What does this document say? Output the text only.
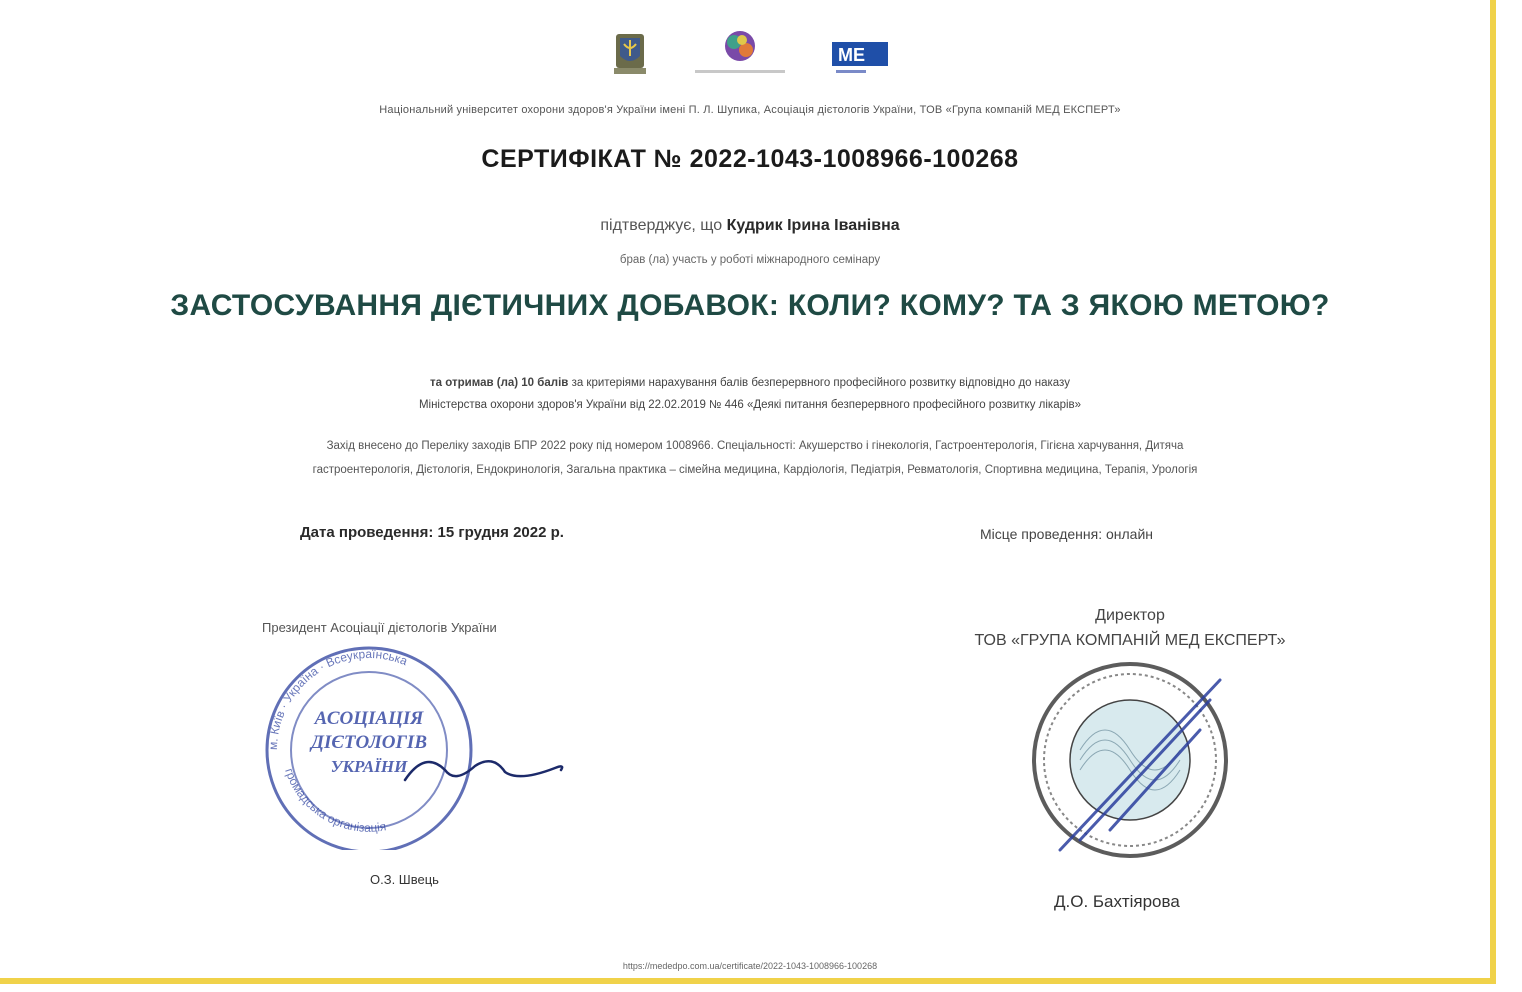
ME
Національний університет охорони здоров'я України імені П. Л. Шупика, Асоціація дієтологів України, ТОВ «Група компаній МЕД ЕКСПЕРТ»
СЕРТИФІКАТ № 2022-1043-1008966-100268
підтверджує, що Кудрик Ірина Іванівна
брав (ла) участь у роботі міжнародного семінару
ЗАСТОСУВАННЯ ДІЄТИЧНИХ ДОБАВОК: КОЛИ? КОМУ? ТА З ЯКОЮ МЕТОЮ?
та отримав (ла) 10 балів за критеріями нарахування балів безперервного професійного розвитку відповідно до наказу
Міністерства охорони здоров'я України від 22.02.2019 № 446 «Деякі питання безперервного професійного розвитку лікарів»
Захід внесено до Переліку заходів БПР 2022 року під номером 1008966. Спеціальності: Акушерство і гінекологія, Гастроентерологія, Гігієна харчування, Дитяча
гастроентерологія, Дієтологія, Ендокринологія, Загальна практика – сімейна медицина, Кардіологія, Педіатрія, Ревматологія, Спортивна медицина, Терапія, Урологія
Дата проведення: 15 грудня 2022 р.	Місце проведення: онлайн
Президент Асоціації дієтологів України
м. Київ · Україна · Всеукраїнська
громадська організація
АСОЦІАЦІЯ
ДІЄТОЛОГІВ
УКРАЇНИ
О.З. Швець
Директор
ТОВ «ГРУПА КОМПАНІЙ МЕД ЕКСПЕРТ»
Д.О. Бахтіярова
https://mededpo.com.ua/certificate/2022-1043-1008966-100268
